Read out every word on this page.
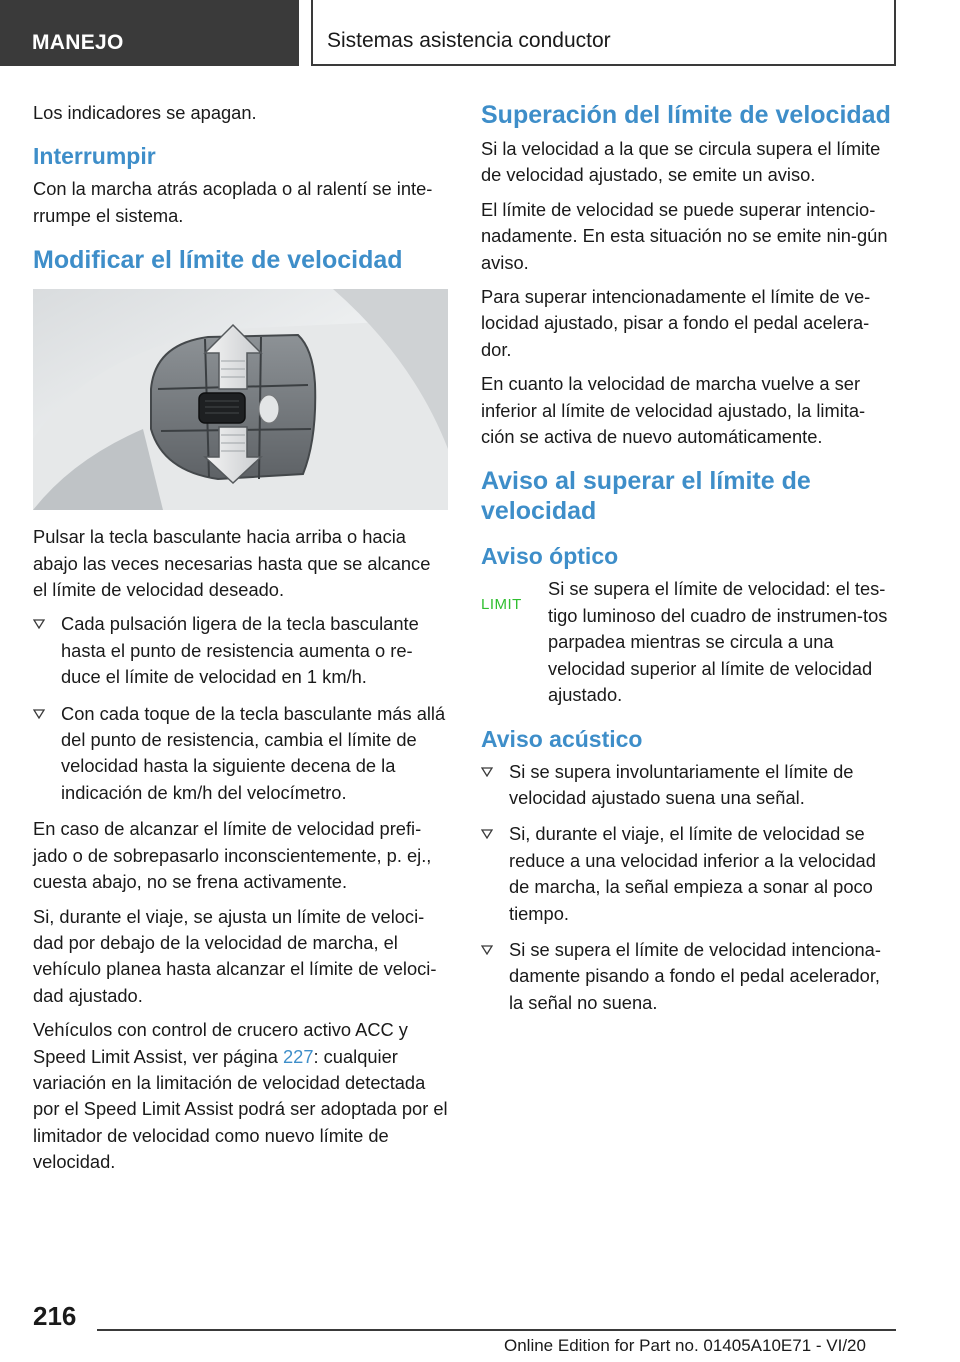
MANEJO	Sistemas asistencia conductor

Los indicadores se apagan.

Interrumpir

Con la marcha atrás acoplada o al ralentí se inte-rrumpe el sistema.

Modificar el límite de velocidad

Pulsar la tecla basculante hacia arriba o hacia abajo las veces necesarias hasta que se alcance el límite de velocidad deseado.

Cada pulsación ligera de la tecla basculante hasta el punto de resistencia aumenta o re-duce el límite de velocidad en 1 km/h.
Con cada toque de la tecla basculante más allá del punto de resistencia, cambia el límite de velocidad hasta la siguiente decena de la indicación de km/h del velocímetro.

En caso de alcanzar el límite de velocidad prefi-jado o de sobrepasarlo inconscientemente, p. ej., cuesta abajo, no se frena activamente.

Si, durante el viaje, se ajusta un límite de veloci-dad por debajo de la velocidad de marcha, el vehículo planea hasta alcanzar el límite de veloci-dad ajustado.

Vehículos con control de crucero activo ACC y Speed Limit Assist, ver página 227: cualquier variación en la limitación de velocidad detectada por el Speed Limit Assist podrá ser adoptada por el limitador de velocidad como nuevo límite de velocidad.

Superación del límite de velocidad

Si la velocidad a la que se circula supera el límite de velocidad ajustado, se emite un aviso.

El límite de velocidad se puede superar intencio-nadamente. En esta situación no se emite nin-gún aviso.

Para superar intencionadamente el límite de ve-locidad ajustado, pisar a fondo el pedal acelera-dor.

En cuanto la velocidad de marcha vuelve a ser inferior al límite de velocidad ajustado, la limita-ción se activa de nuevo automáticamente.

Aviso al superar el límite de velocidad
Aviso óptico
LIMIT

Si se supera el límite de velocidad: el tes-tigo luminoso del cuadro de instrumen-tos parpadea mientras se circula a una velocidad superior al límite de velocidad ajustado.

Aviso acústico
Si se supera involuntariamente el límite de velocidad ajustado suena una señal.
Si, durante el viaje, el límite de velocidad se reduce a una velocidad inferior a la velocidad de marcha, la señal empieza a sonar al poco tiempo.
Si se supera el límite de velocidad intenciona-damente pisando a fondo el pedal acelerador, la señal no suena.
216
Online Edition for Part no. 01405A10E71 - VI/20
